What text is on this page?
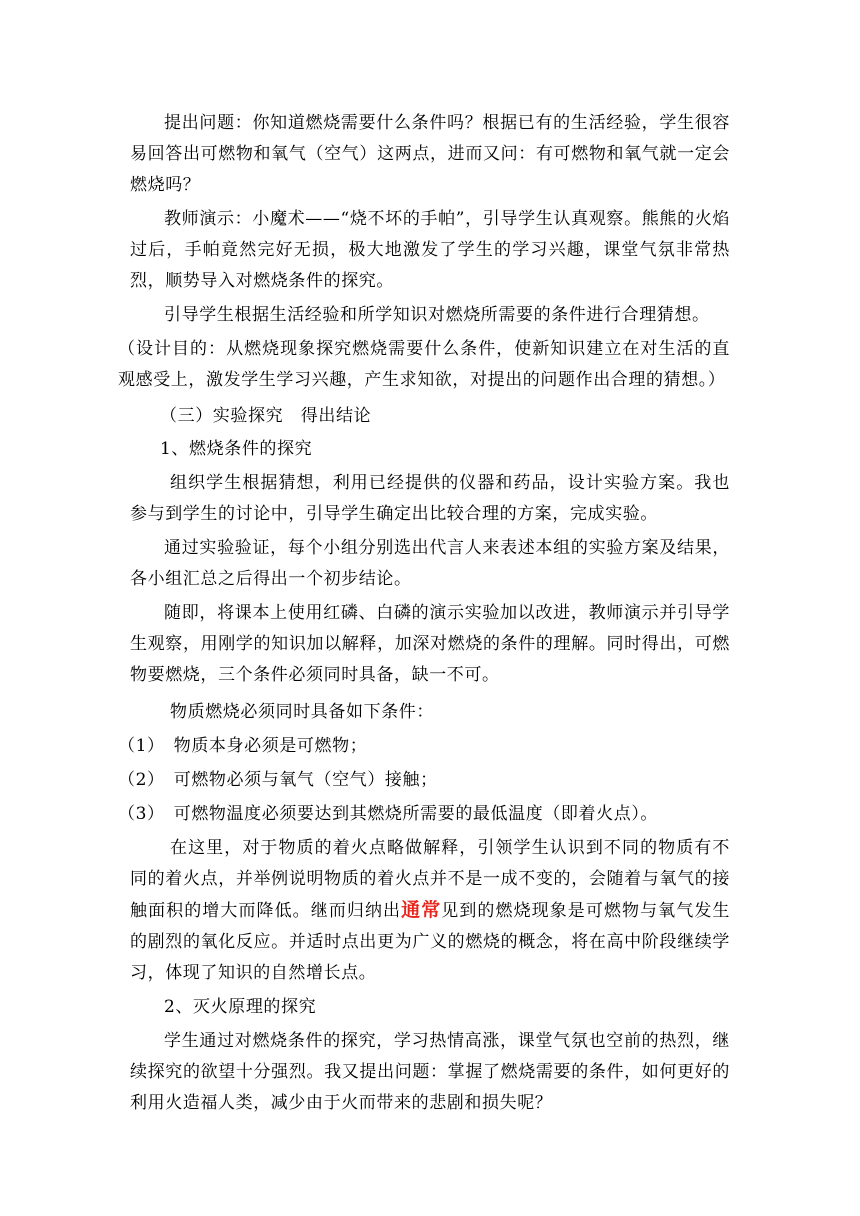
提出问题：你知道燃烧需要什么条件吗？根据已有的生活经验，学生很容易回答出可燃物和氧气（空气）这两点，进而又问：有可燃物和氧气就一定会燃烧吗？

教师演示：小魔术——“烧不坏的手帕”，引导学生认真观察。熊熊的火焰过后，手帕竟然完好无损，极大地激发了学生的学习兴趣，课堂气氛非常热烈，顺势导入对燃烧条件的探究。

引导学生根据生活经验和所学知识对燃烧所需要的条件进行合理猜想。

（设计目的：从燃烧现象探究燃烧需要什么条件，使新知识建立在对生活的直观感受上，激发学生学习兴趣，产生求知欲，对提出的问题作出合理的猜想。）

（三）实验探究　得出结论

1、燃烧条件的探究

组织学生根据猜想，利用已经提供的仪器和药品，设计实验方案。我也参与到学生的讨论中，引导学生确定出比较合理的方案，完成实验。

通过实验验证，每个小组分别选出代言人来表述本组的实验方案及结果，各小组汇总之后得出一个初步结论。

随即，将课本上使用红磷、白磷的演示实验加以改进，教师演示并引导学生观察，用刚学的知识加以解释，加深对燃烧的条件的理解。同时得出，可燃物要燃烧，三个条件必须同时具备，缺一不可。

物质燃烧必须同时具备如下条件：

（1）　物质本身必须是可燃物；

（2）　可燃物必须与氧气（空气）接触；

（3）　可燃物温度必须要达到其燃烧所需要的最低温度（即着火点）。

在这里，对于物质的着火点略做解释，引领学生认识到不同的物质有不同的着火点，并举例说明物质的着火点并不是一成不变的，会随着与氧气的接触面积的增大而降低。继而归纳出通常见到的燃烧现象是可燃物与氧气发生的剧烈的氧化反应。并适时点出更为广义的燃烧的概念，将在高中阶段继续学习，体现了知识的自然增长点。

2、灭火原理的探究

学生通过对燃烧条件的探究，学习热情高涨，课堂气氛也空前的热烈，继续探究的欲望十分强烈。我又提出问题：掌握了燃烧需要的条件，如何更好的利用火造福人类，减少由于火而带来的悲剧和损失呢？
